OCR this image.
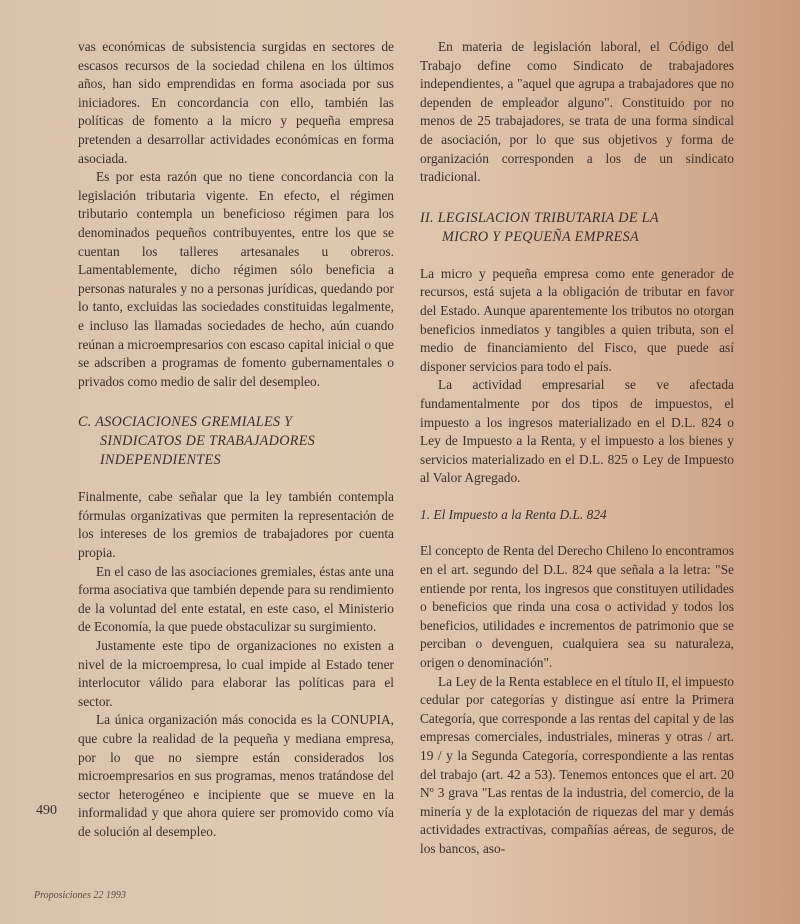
vas económicas de subsistencia surgidas en sectores de escasos recursos de la sociedad chilena en los últimos años, han sido emprendidas en forma asociada por sus iniciadores. En concordancia con ello, también las políticas de fomento a la micro y pequeña empresa pretenden a desarrollar actividades económicas en forma asociada.

Es por esta razón que no tiene concordancia con la legislación tributaria vigente. En efecto, el régimen tributario contempla un beneficioso régimen para los denominados pequeños contribuyentes, entre los que se cuentan los talleres artesanales u obreros. Lamentablemente, dicho régimen sólo beneficia a personas naturales y no a personas jurídicas, quedando por lo tanto, excluidas las sociedades constituidas legalmente, e incluso las llamadas sociedades de hecho, aún cuando reúnan a microempresarios con escaso capital inicial o que se adscriben a programas de fomento gubernamentales o privados como medio de salir del desempleo.

C. ASOCIACIONES GREMIALES Y
SINDICATOS DE TRABAJADORES
INDEPENDIENTES

Finalmente, cabe señalar que la ley también contempla fórmulas organizativas que permiten la representación de los intereses de los gremios de trabajadores por cuenta propia.

En el caso de las asociaciones gremiales, éstas ante una forma asociativa que también depende para su rendimiento de la voluntad del ente estatal, en este caso, el Ministerio de Economía, la que puede obstaculizar su surgimiento.

Justamente este tipo de organizaciones no existen a nivel de la microempresa, lo cual impide al Estado tener interlocutor válido para elaborar las políticas para el sector.

La única organización más conocida es la CONUPIA, que cubre la realidad de la pequeña y mediana empresa, por lo que no siempre están considerados los microempresarios en sus programas, menos tratándose del sector heterogéneo e incipiente que se mueve en la informalidad y que ahora quiere ser promovido como vía de solución al desempleo.

En materia de legislación laboral, el Código del Trabajo define como Sindicato de trabajadores independientes, a "aquel que agrupa a trabajadores que no dependen de empleador alguno". Constituido por no menos de 25 trabajadores, se trata de una forma sindical de asociación, por lo que sus objetivos y forma de organización corresponden a los de un sindicato tradicional.

II. LEGISLACION TRIBUTARIA DE LA
MICRO Y PEQUEÑA EMPRESA

La micro y pequeña empresa como ente generador de recursos, está sujeta a la obligación de tributar en favor del Estado. Aunque aparentemente los tributos no otorgan beneficios inmediatos y tangibles a quien tributa, son el medio de financiamiento del Fisco, que puede así disponer servicios para todo el país.

La actividad empresarial se ve afectada fundamentalmente por dos tipos de impuestos, el impuesto a los ingresos materializado en el D.L. 824 o Ley de Impuesto a la Renta, y el impuesto a los bienes y servicios materializado en el D.L. 825 o Ley de Impuesto al Valor Agregado.

1. El Impuesto a la Renta D.L. 824

El concepto de Renta del Derecho Chileno lo encontramos en el art. segundo del D.L. 824 que señala a la letra: "Se entiende por renta, los ingresos que constituyen utilidades o beneficios que rinda una cosa o actividad y todos los beneficios, utilidades e incrementos de patrimonio que se perciban o devenguen, cualquiera sea su naturaleza, origen o denominación".

La Ley de la Renta establece en el título II, el impuesto cedular por categorías y distingue así entre la Primera Categoría, que corresponde a las rentas del capital y de las empresas comerciales, industriales, mineras y otras / art. 19 / y la Segunda Categoría, correspondiente a las rentas del trabajo (art. 42 a 53). Tenemos entonces que el art. 20 Nº 3 grava "Las rentas de la industria, del comercio, de la minería y de la explotación de riquezas del mar y demás actividades extractivas, compañías aéreas, de seguros, de los bancos, aso-

490
Proposiciones 22 1993
